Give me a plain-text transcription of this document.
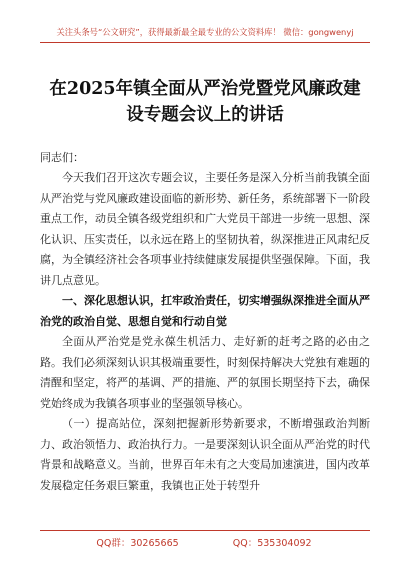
关注头条号“公文研究”，获得最新最全最专业的公文资料库！ 微信：gongwenyj
在2025年镇全面从严治党暨党风廉政建
设专题会议上的讲话
同志们：

今天我们召开这次专题会议，主要任务是深入分析当前我镇全面从严治党与党风廉政建设面临的新形势、新任务，系统部署下一阶段重点工作，动员全镇各级党组织和广大党员干部进一步统一思想、深化认识、压实责任，以永远在路上的坚韧执着，纵深推进正风肃纪反腐，为全镇经济社会各项事业持续健康发展提供坚强保障。下面，我讲几点意见。

一、深化思想认识，扛牢政治责任，切实增强纵深推进全面从严治党的政治自觉、思想自觉和行动自觉

全面从严治党是党永葆生机活力、走好新的赶考之路的必由之路。我们必须深刻认识其极端重要性，时刻保持解决大党独有难题的清醒和坚定，将严的基调、严的措施、严的氛围长期坚持下去，确保党始终成为我镇各项事业的坚强领导核心。

（一）提高站位，深刻把握新形势新要求，不断增强政治判断力、政治领悟力、政治执行力。一是要深刻认识全面从严治党的时代背景和战略意义。当前，世界百年未有之大变局加速演进，国内改革发展稳定任务艰巨繁重，我镇也正处于转型升

QQ群：30265665	QQ：535304092
